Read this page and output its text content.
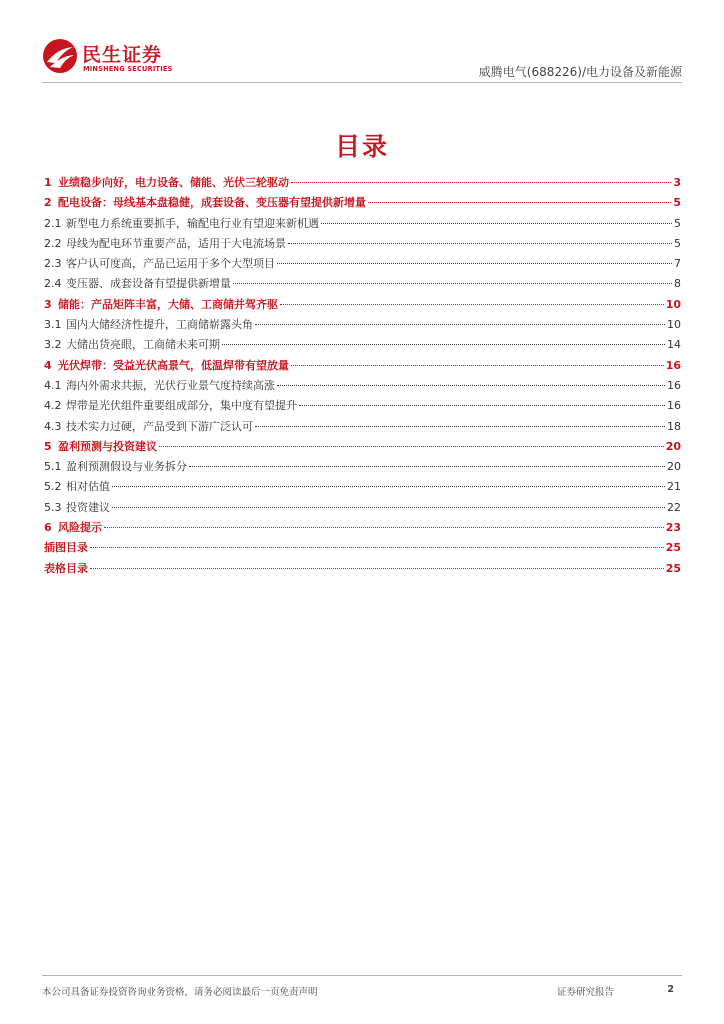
民生证券
MINSHENG SECURITIES	威腾电气(688226)/电力设备及新能源
目录
1 业绩稳步向好，电力设备、储能、光伏三轮驱动	3
2 配电设备：母线基本盘稳健，成套设备、变压器有望提供新增量	5
2.1 新型电力系统重要抓手，输配电行业有望迎来新机遇	5
2.2 母线为配电环节重要产品，适用于大电流场景	5
2.3 客户认可度高，产品已运用于多个大型项目	7
2.4 变压器、成套设备有望提供新增量	8
3 储能：产品矩阵丰富，大储、工商储并驾齐驱	10
3.1 国内大储经济性提升，工商储崭露头角	10
3.2 大储出货亮眼，工商储未来可期	14
4 光伏焊带：受益光伏高景气，低温焊带有望放量	16
4.1 海内外需求共振，光伏行业景气度持续高涨	16
4.2 焊带是光伏组件重要组成部分，集中度有望提升	16
4.3 技术实力过硬，产品受到下游广泛认可	18
5 盈利预测与投资建议	20
5.1 盈利预测假设与业务拆分	20
5.2 相对估值	21
5.3 投资建议	22
6 风险提示	23
插图目录	25
表格目录	25
本公司具备证券投资咨询业务资格，请务必阅读最后一页免责声明	证券研究报告	2
